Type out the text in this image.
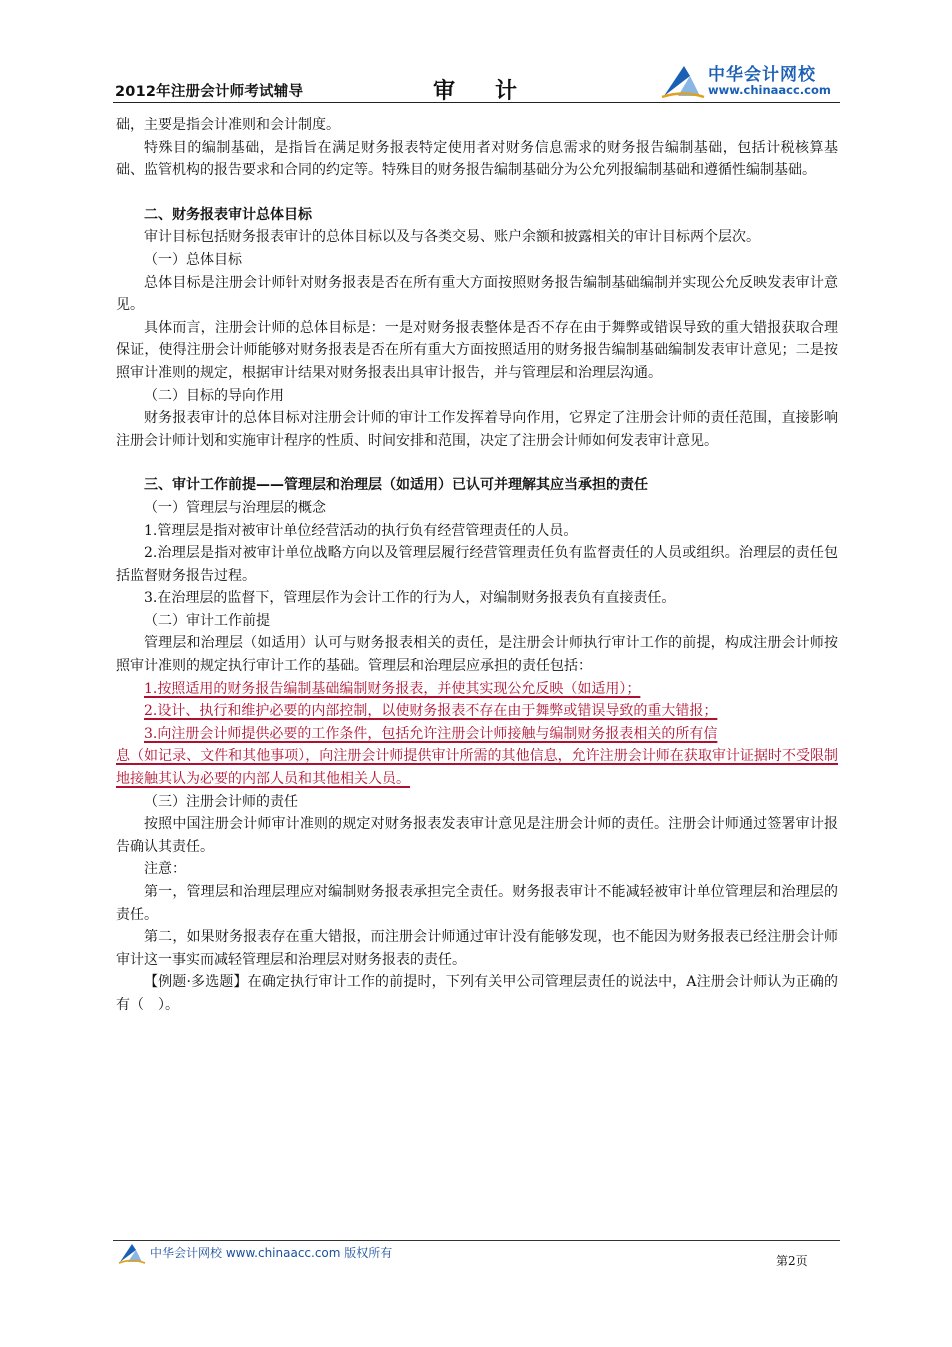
2012年注册会计师考试辅导	审计
中华会计网校
www.chinaacc.com

础，主要是指会计准则和会计制度。

特殊目的编制基础，是指旨在满足财务报表特定使用者对财务信息需求的财务报告编制基础，包括计税核算基础、监管机构的报告要求和合同的约定等。特殊目的财务报告编制基础分为公允列报编制基础和遵循性编制基础。

二、财务报表审计总体目标

审计目标包括财务报表审计的总体目标以及与各类交易、账户余额和披露相关的审计目标两个层次。

（一）总体目标

总体目标是注册会计师针对财务报表是否在所有重大方面按照财务报告编制基础编制并实现公允反映发表审计意见。

具体而言，注册会计师的总体目标是：一是对财务报表整体是否不存在由于舞弊或错误导致的重大错报获取合理保证，使得注册会计师能够对财务报表是否在所有重大方面按照适用的财务报告编制基础编制发表审计意见；二是按照审计准则的规定，根据审计结果对财务报表出具审计报告，并与管理层和治理层沟通。

（二）目标的导向作用

财务报表审计的总体目标对注册会计师的审计工作发挥着导向作用，它界定了注册会计师的责任范围，直接影响注册会计师计划和实施审计程序的性质、时间安排和范围，决定了注册会计师如何发表审计意见。

三、审计工作前提——管理层和治理层（如适用）已认可并理解其应当承担的责任

（一）管理层与治理层的概念

1.管理层是指对被审计单位经营活动的执行负有经营管理责任的人员。

2.治理层是指对被审计单位战略方向以及管理层履行经营管理责任负有监督责任的人员或组织。治理层的责任包括监督财务报告过程。

3.在治理层的监督下，管理层作为会计工作的行为人，对编制财务报表负有直接责任。

（二）审计工作前提

管理层和治理层（如适用）认可与财务报表相关的责任，是注册会计师执行审计工作的前提，构成注册会计师按照审计准则的规定执行审计工作的基础。管理层和治理层应承担的责任包括：

1.按照适用的财务报告编制基础编制财务报表，并使其实现公允反映（如适用）；

2.设计、执行和维护必要的内部控制，以使财务报表不存在由于舞弊或错误导致的重大错报；

3.向注册会计师提供必要的工作条件，包括允许注册会计师接触与编制财务报表相关的所有信

息（如记录、文件和其他事项），向注册会计师提供审计所需的其他信息，允许注册会计师在获取审计证据时不受限制地接触其认为必要的内部人员和其他相关人员。

（三）注册会计师的责任

按照中国注册会计师审计准则的规定对财务报表发表审计意见是注册会计师的责任。注册会计师通过签署审计报告确认其责任。

注意：

第一，管理层和治理层理应对编制财务报表承担完全责任。财务报表审计不能减轻被审计单位管理层和治理层的责任。

第二，如果财务报表存在重大错报，而注册会计师通过审计没有能够发现，也不能因为财务报表已经注册会计师审计这一事实而减轻管理层和治理层对财务报表的责任。

【例题·多选题】在确定执行审计工作的前提时，下列有关甲公司管理层责任的说法中，A注册会计师认为正确的有（　）。

中华会计网校 www.chinaacc.com 版权所有
第2页
